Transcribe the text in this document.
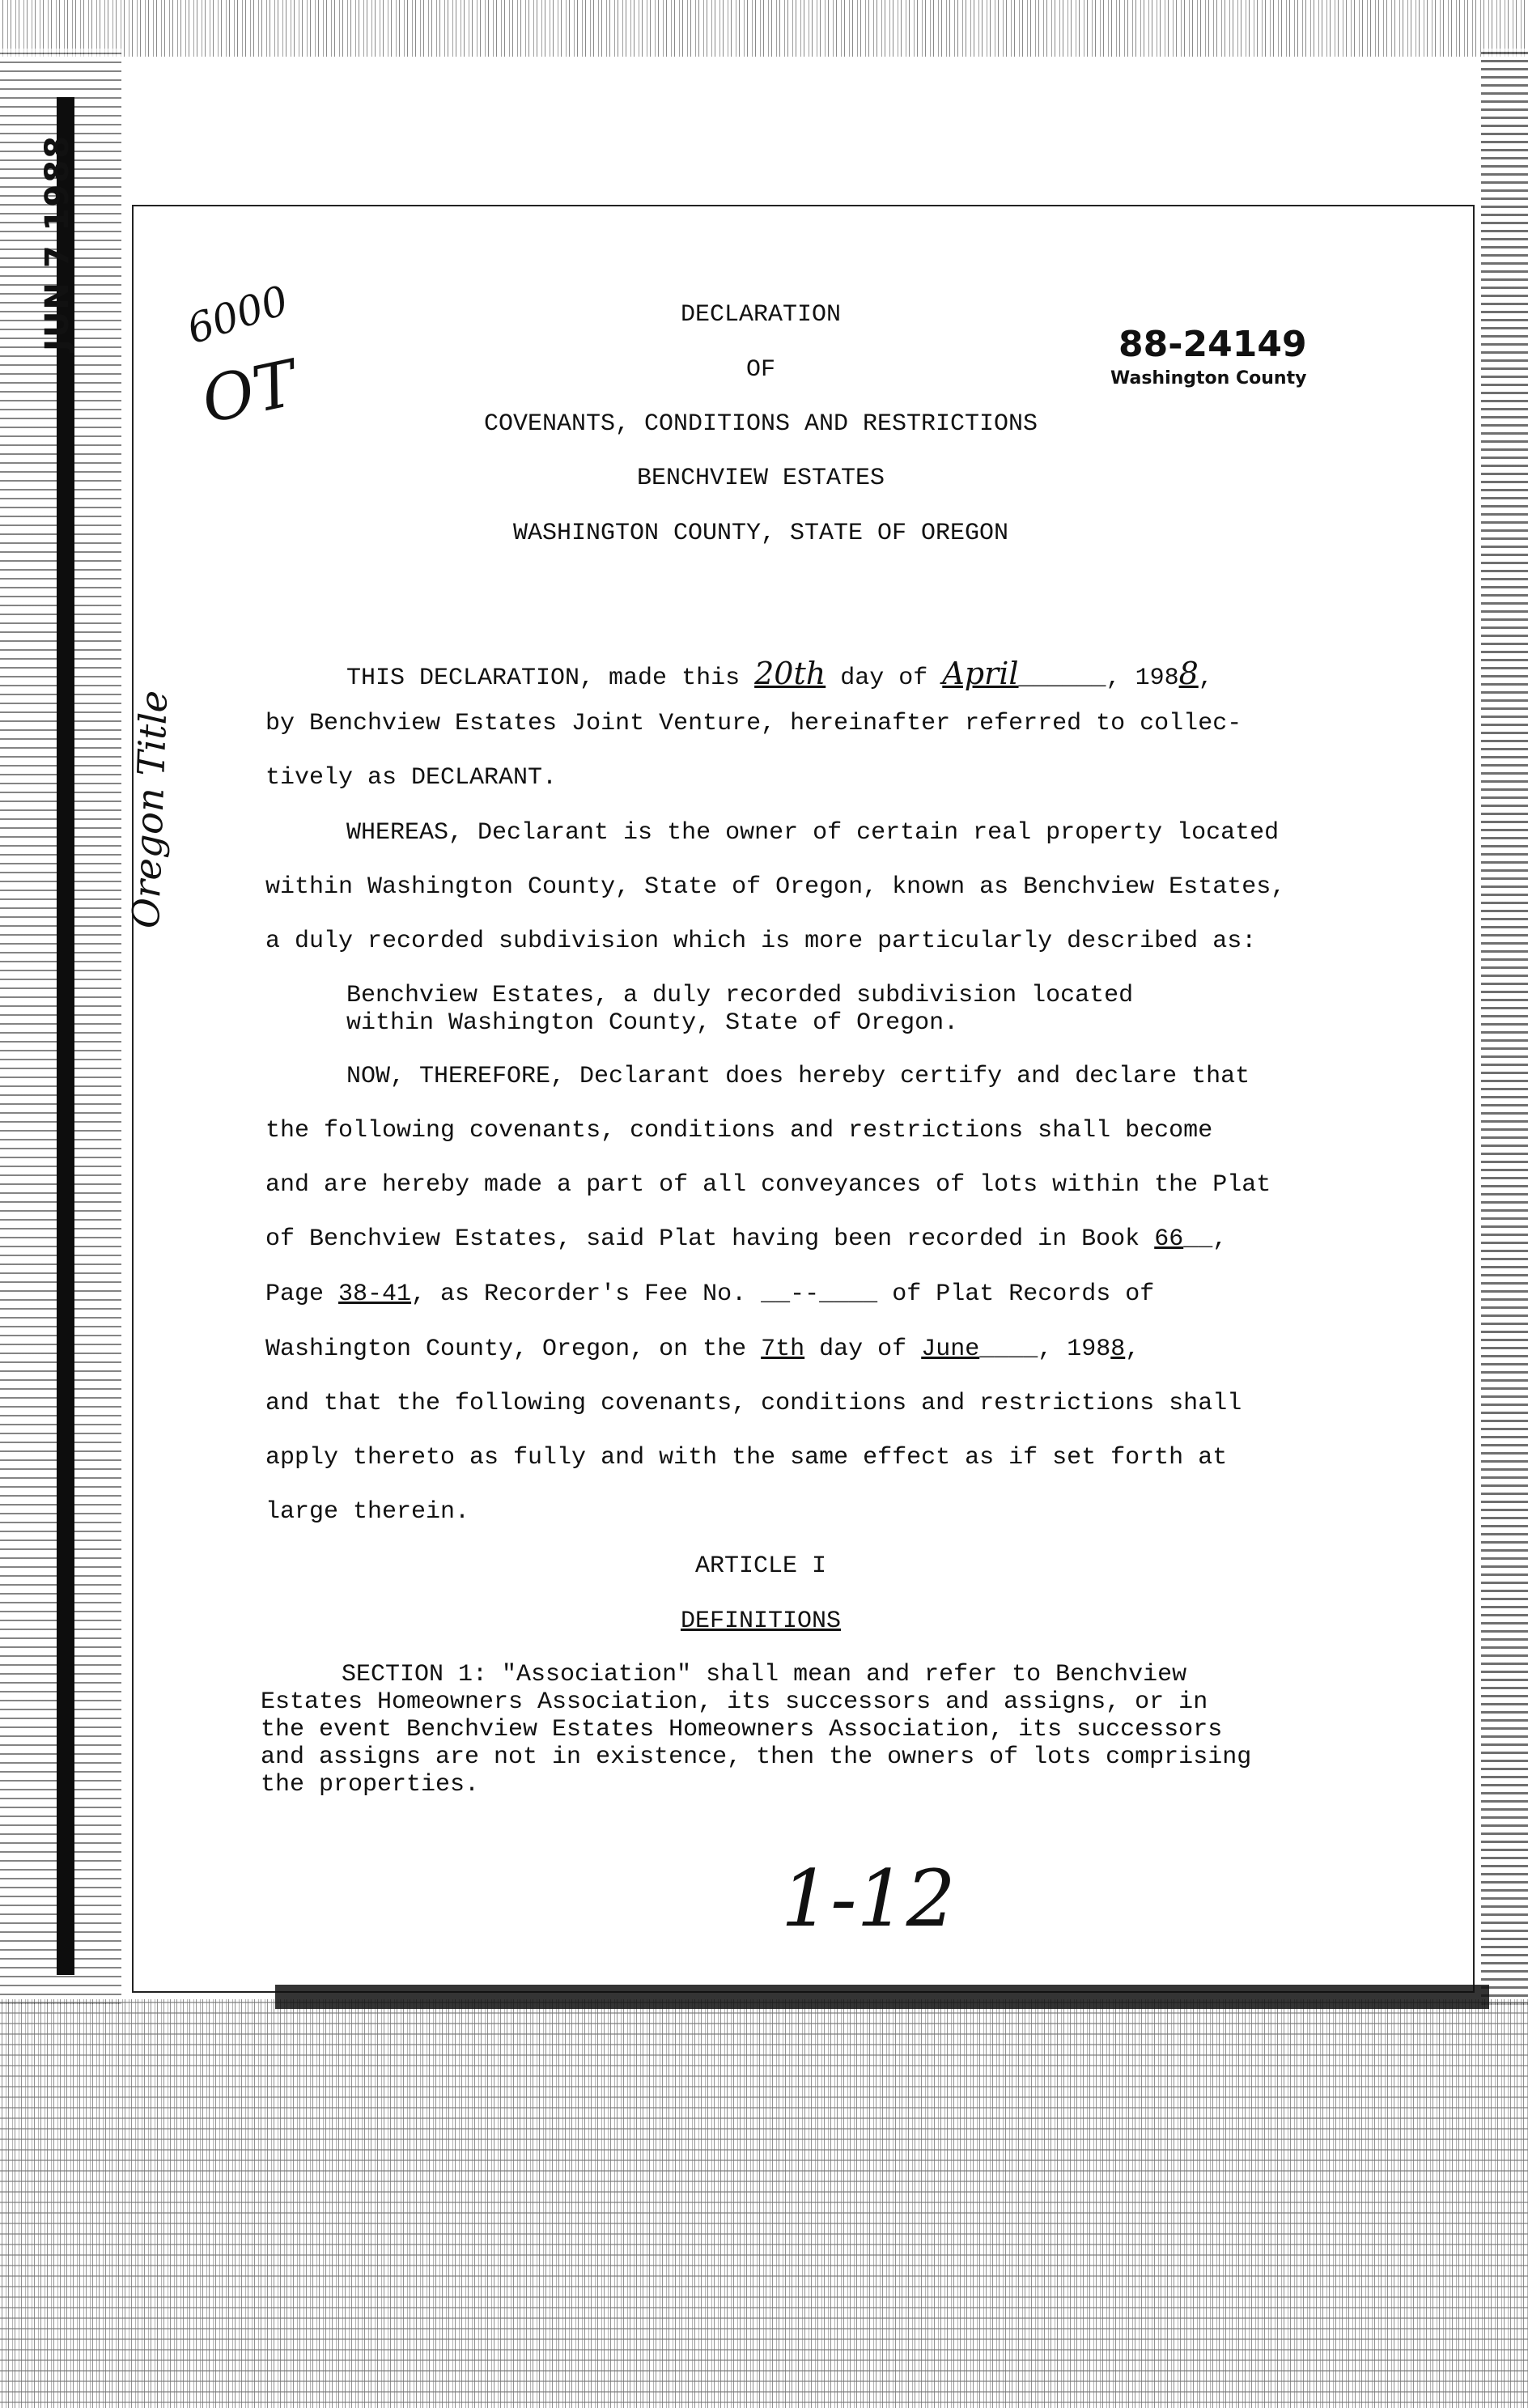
JUN 7 1988	6000
OT
Oregon Title
88-24149
Washington County
DECLARATION
OF
COVENANTS, CONDITIONS AND RESTRICTIONS
BENCHVIEW ESTATES
WASHINGTON COUNTY, STATE OF OREGON
THIS DECLARATION, made this 20th day of April______, 1988,
by Benchview Estates Joint Venture, hereinafter referred to collec-
tively as DECLARANT.
WHEREAS, Declarant is the owner of certain real property located
within Washington County, State of Oregon, known as Benchview Estates,
a duly recorded subdivision which is more particularly described as:
Benchview Estates, a duly recorded subdivision located
within Washington County, State of Oregon.
NOW, THEREFORE, Declarant does hereby certify and declare that
the following covenants, conditions and restrictions shall become
and are hereby made a part of all conveyances of lots within the Plat
of Benchview Estates, said Plat having been recorded in Book 66__,
Page 38-41, as Recorder's Fee No. __--____ of Plat Records of
Washington County, Oregon, on the 7th day of June____, 1988,
and that the following covenants, conditions and restrictions shall
apply thereto as fully and with the same effect as if set forth at
large therein.
ARTICLE I
DEFINITIONS
SECTION 1: "Association" shall mean and refer to Benchview
Estates Homeowners Association, its successors and assigns, or in
the event Benchview Estates Homeowners Association, its successors
and assigns are not in existence, then the owners of lots comprising
the properties.
1-12
